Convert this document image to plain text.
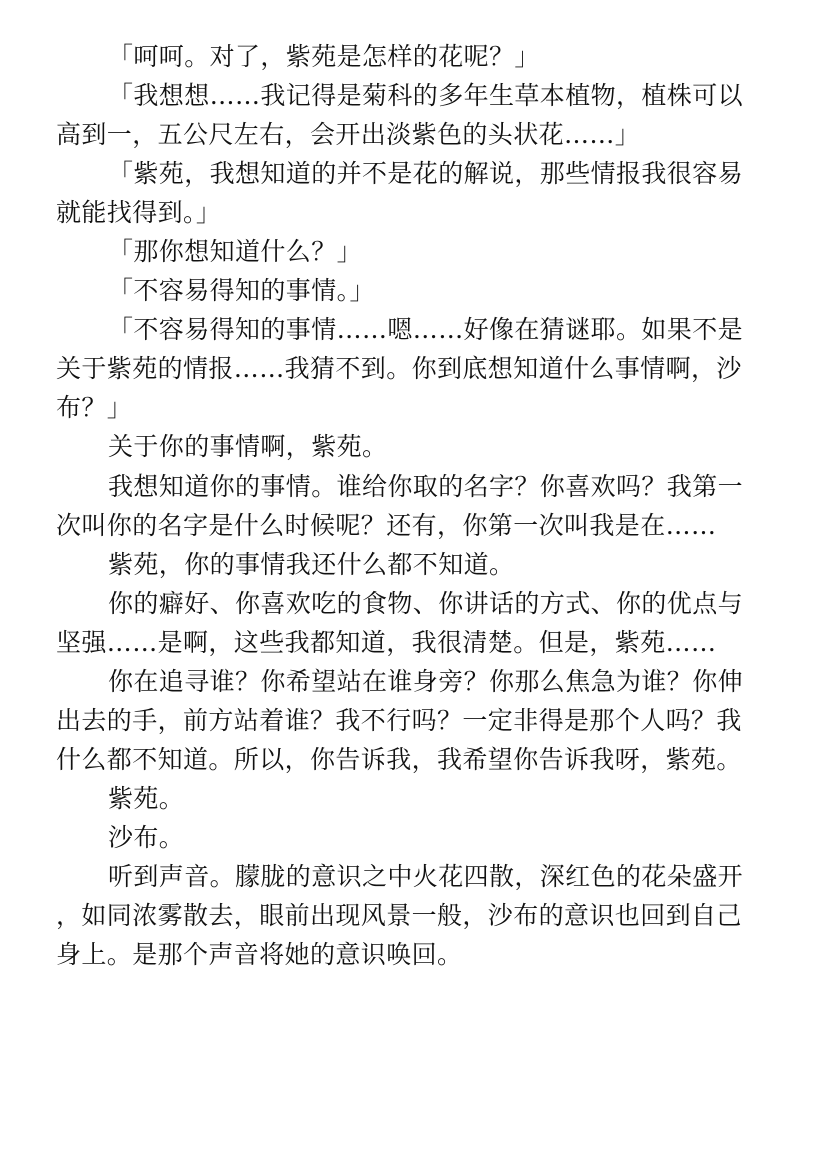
「呵呵。对了，紫苑是怎样的花呢？」

「我想想……我记得是菊科的多年生草本植物，植株可以高到一，五公尺左右，会开出淡紫色的头状花……」

「紫苑，我想知道的并不是花的解说，那些情报我很容易就能找得到。」

「那你想知道什么？」

「不容易得知的事情。」

「不容易得知的事情……嗯……好像在猜谜耶。如果不是关于紫苑的情报……我猜不到。你到底想知道什么事情啊，沙布？」

关于你的事情啊，紫苑。

我想知道你的事情。谁给你取的名字？你喜欢吗？我第一次叫你的名字是什么时候呢？还有，你第一次叫我是在……

紫苑，你的事情我还什么都不知道。

你的癖好、你喜欢吃的食物、你讲话的方式、你的优点与坚强……是啊，这些我都知道，我很清楚。但是，紫苑……

你在追寻谁？你希望站在谁身旁？你那么焦急为谁？你伸出去的手，前方站着谁？我不行吗？一定非得是那个人吗？我什么都不知道。所以，你告诉我，我希望你告诉我呀，紫苑。

紫苑。

沙布。

听到声音。朦胧的意识之中火花四散，深红色的花朵盛开，如同浓雾散去，眼前出现风景一般，沙布的意识也回到自己身上。是那个声音将她的意识唤回。
